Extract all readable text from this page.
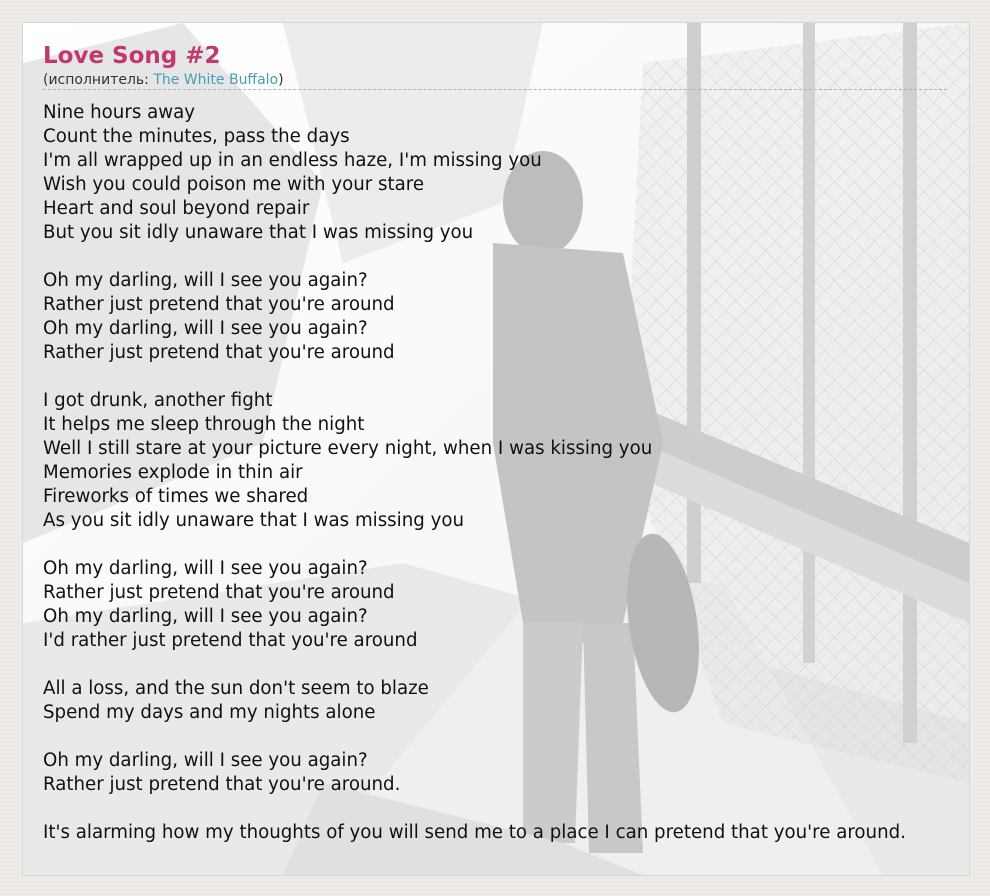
Love Song #2
(исполнитель: The White Buffalo)
Nine hours away
Count the minutes, pass the days
I'm all wrapped up in an endless haze, I'm missing you
Wish you could poison me with your stare
Heart and soul beyond repair
But you sit idly unaware that I was missing you
Oh my darling, will I see you again?
Rather just pretend that you're around
Oh my darling, will I see you again?
Rather just pretend that you're around
I got drunk, another fight
It helps me sleep through the night
Well I still stare at your picture every night, when I was kissing you
Memories explode in thin air
Fireworks of times we shared
As you sit idly unaware that I was missing you
Oh my darling, will I see you again?
Rather just pretend that you're around
Oh my darling, will I see you again?
I'd rather just pretend that you're around
All a loss, and the sun don't seem to blaze
Spend my days and my nights alone
Oh my darling, will I see you again?
Rather just pretend that you're around.
It's alarming how my thoughts of you will send me to a place I can pretend that you're around.
